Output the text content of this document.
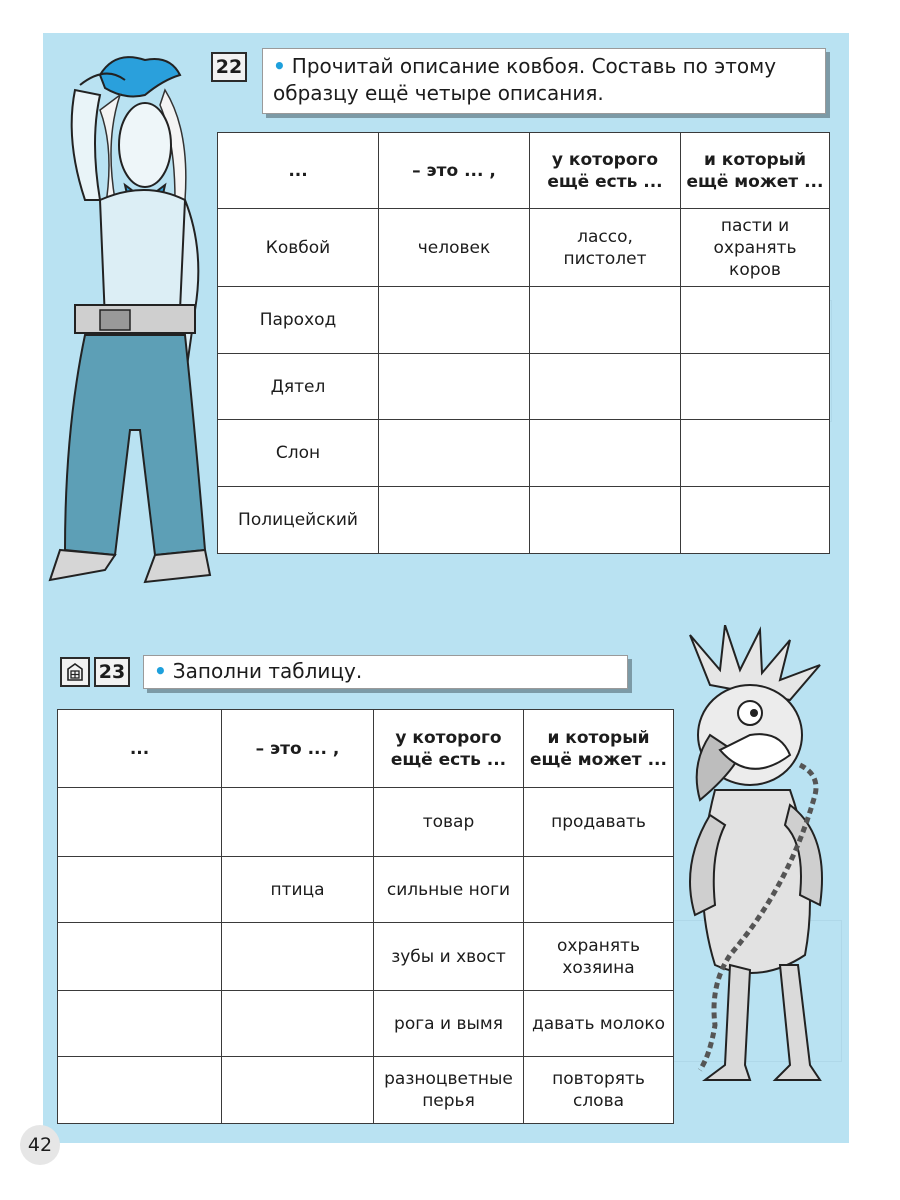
22	• Прочитай описание ковбоя. Составь по этому
образцу ещё четыре описания.
...	– это ... ,	у которого ещё есть ...	и который ещё может ...
Ковбой	человек	лассо, пистолет	пасти и охранять коров
Пароход			
Дятел			
Слон			
Полицейский			
23	• Заполни таблицу.
...	– это ... ,	у которого ещё есть ...	и который ещё может ...
		товар	продавать
	птица	сильные ноги	
		зубы и хвост	охранять хозяина
		рога и вымя	давать молоко
		разноцветные перья	повторять слова
42
